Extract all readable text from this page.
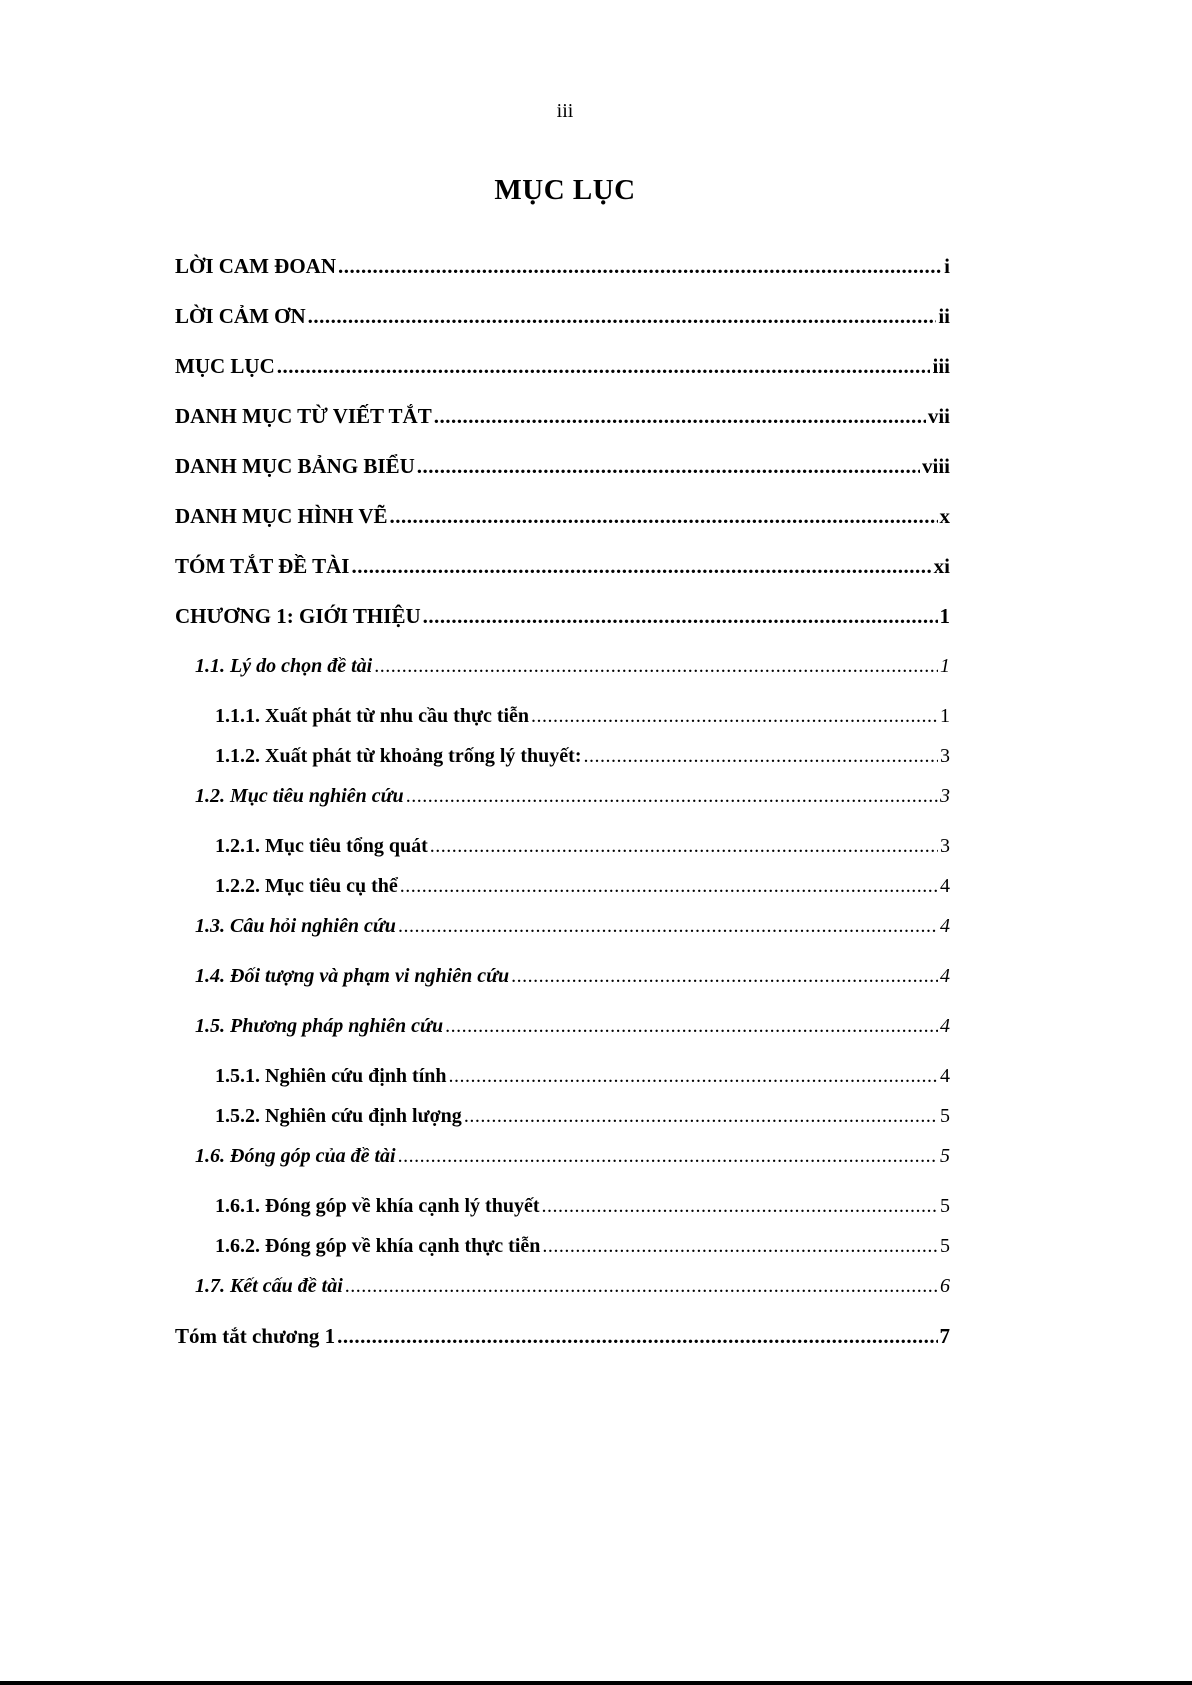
iii
MỤC LỤC
LỜI CAM ĐOAN .....	i
LỜI CẢM ƠN .....	ii
MỤC LỤC .....	iii
DANH MỤC TỪ VIẾT TẮT .....	vii
DANH MỤC BẢNG BIỂU .....	viii
DANH MỤC HÌNH VẼ .....	x
TÓM TẮT ĐỀ TÀI .....	xi
CHƯƠNG 1: GIỚI THIỆU .....	1
1.1. Lý do chọn đề tài .....	1
1.1.1. Xuất phát từ nhu cầu thực tiễn .....	1
1.1.2. Xuất phát từ khoảng trống lý thuyết: .....	3
1.2. Mục tiêu nghiên cứu .....	3
1.2.1. Mục tiêu tổng quát .....	3
1.2.2. Mục tiêu cụ thể .....	4
1.3. Câu hỏi nghiên cứu .....	4
1.4. Đối tượng và phạm vi nghiên cứu .....	4
1.5. Phương pháp nghiên cứu .....	4
1.5.1. Nghiên cứu định tính .....	4
1.5.2. Nghiên cứu định lượng .....	5
1.6. Đóng góp của đề tài .....	5
1.6.1. Đóng góp về khía cạnh lý thuyết .....	5
1.6.2. Đóng góp về khía cạnh thực tiễn .....	5
1.7. Kết cấu đề tài .....	6
Tóm tắt chương 1 .....	7
